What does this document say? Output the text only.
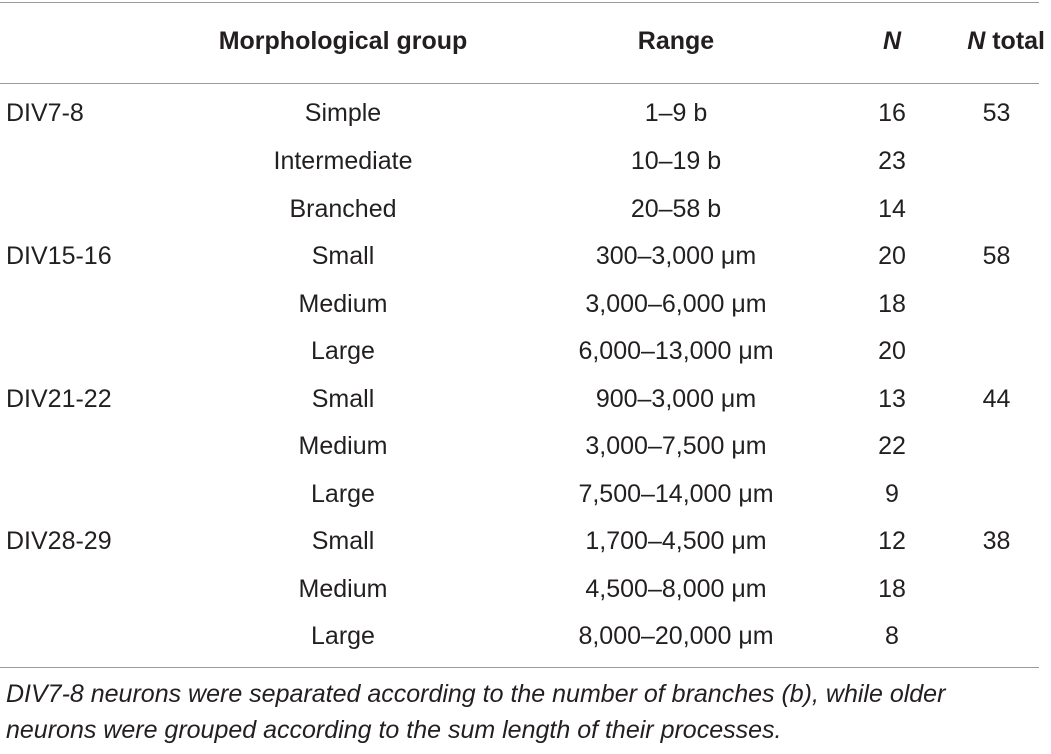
	Morphological group	Range	N	N total
DIV7-8	Simple	1–9 b	16	53
	Intermediate	10–19 b	23	
	Branched	20–58 b	14	
DIV15-16	Small	300–3,000 μm	20	58
	Medium	3,000–6,000 μm	18	
	Large	6,000–13,000 μm	20	
DIV21-22	Small	900–3,000 μm	13	44
	Medium	3,000–7,500 μm	22	
	Large	7,500–14,000 μm	9	
DIV28-29	Small	1,700–4,500 μm	12	38
	Medium	4,500–8,000 μm	18	
	Large	8,000–20,000 μm	8	
DIV7-8 neurons were separated according to the number of branches (b), while older neurons were grouped according to the sum length of their processes.
